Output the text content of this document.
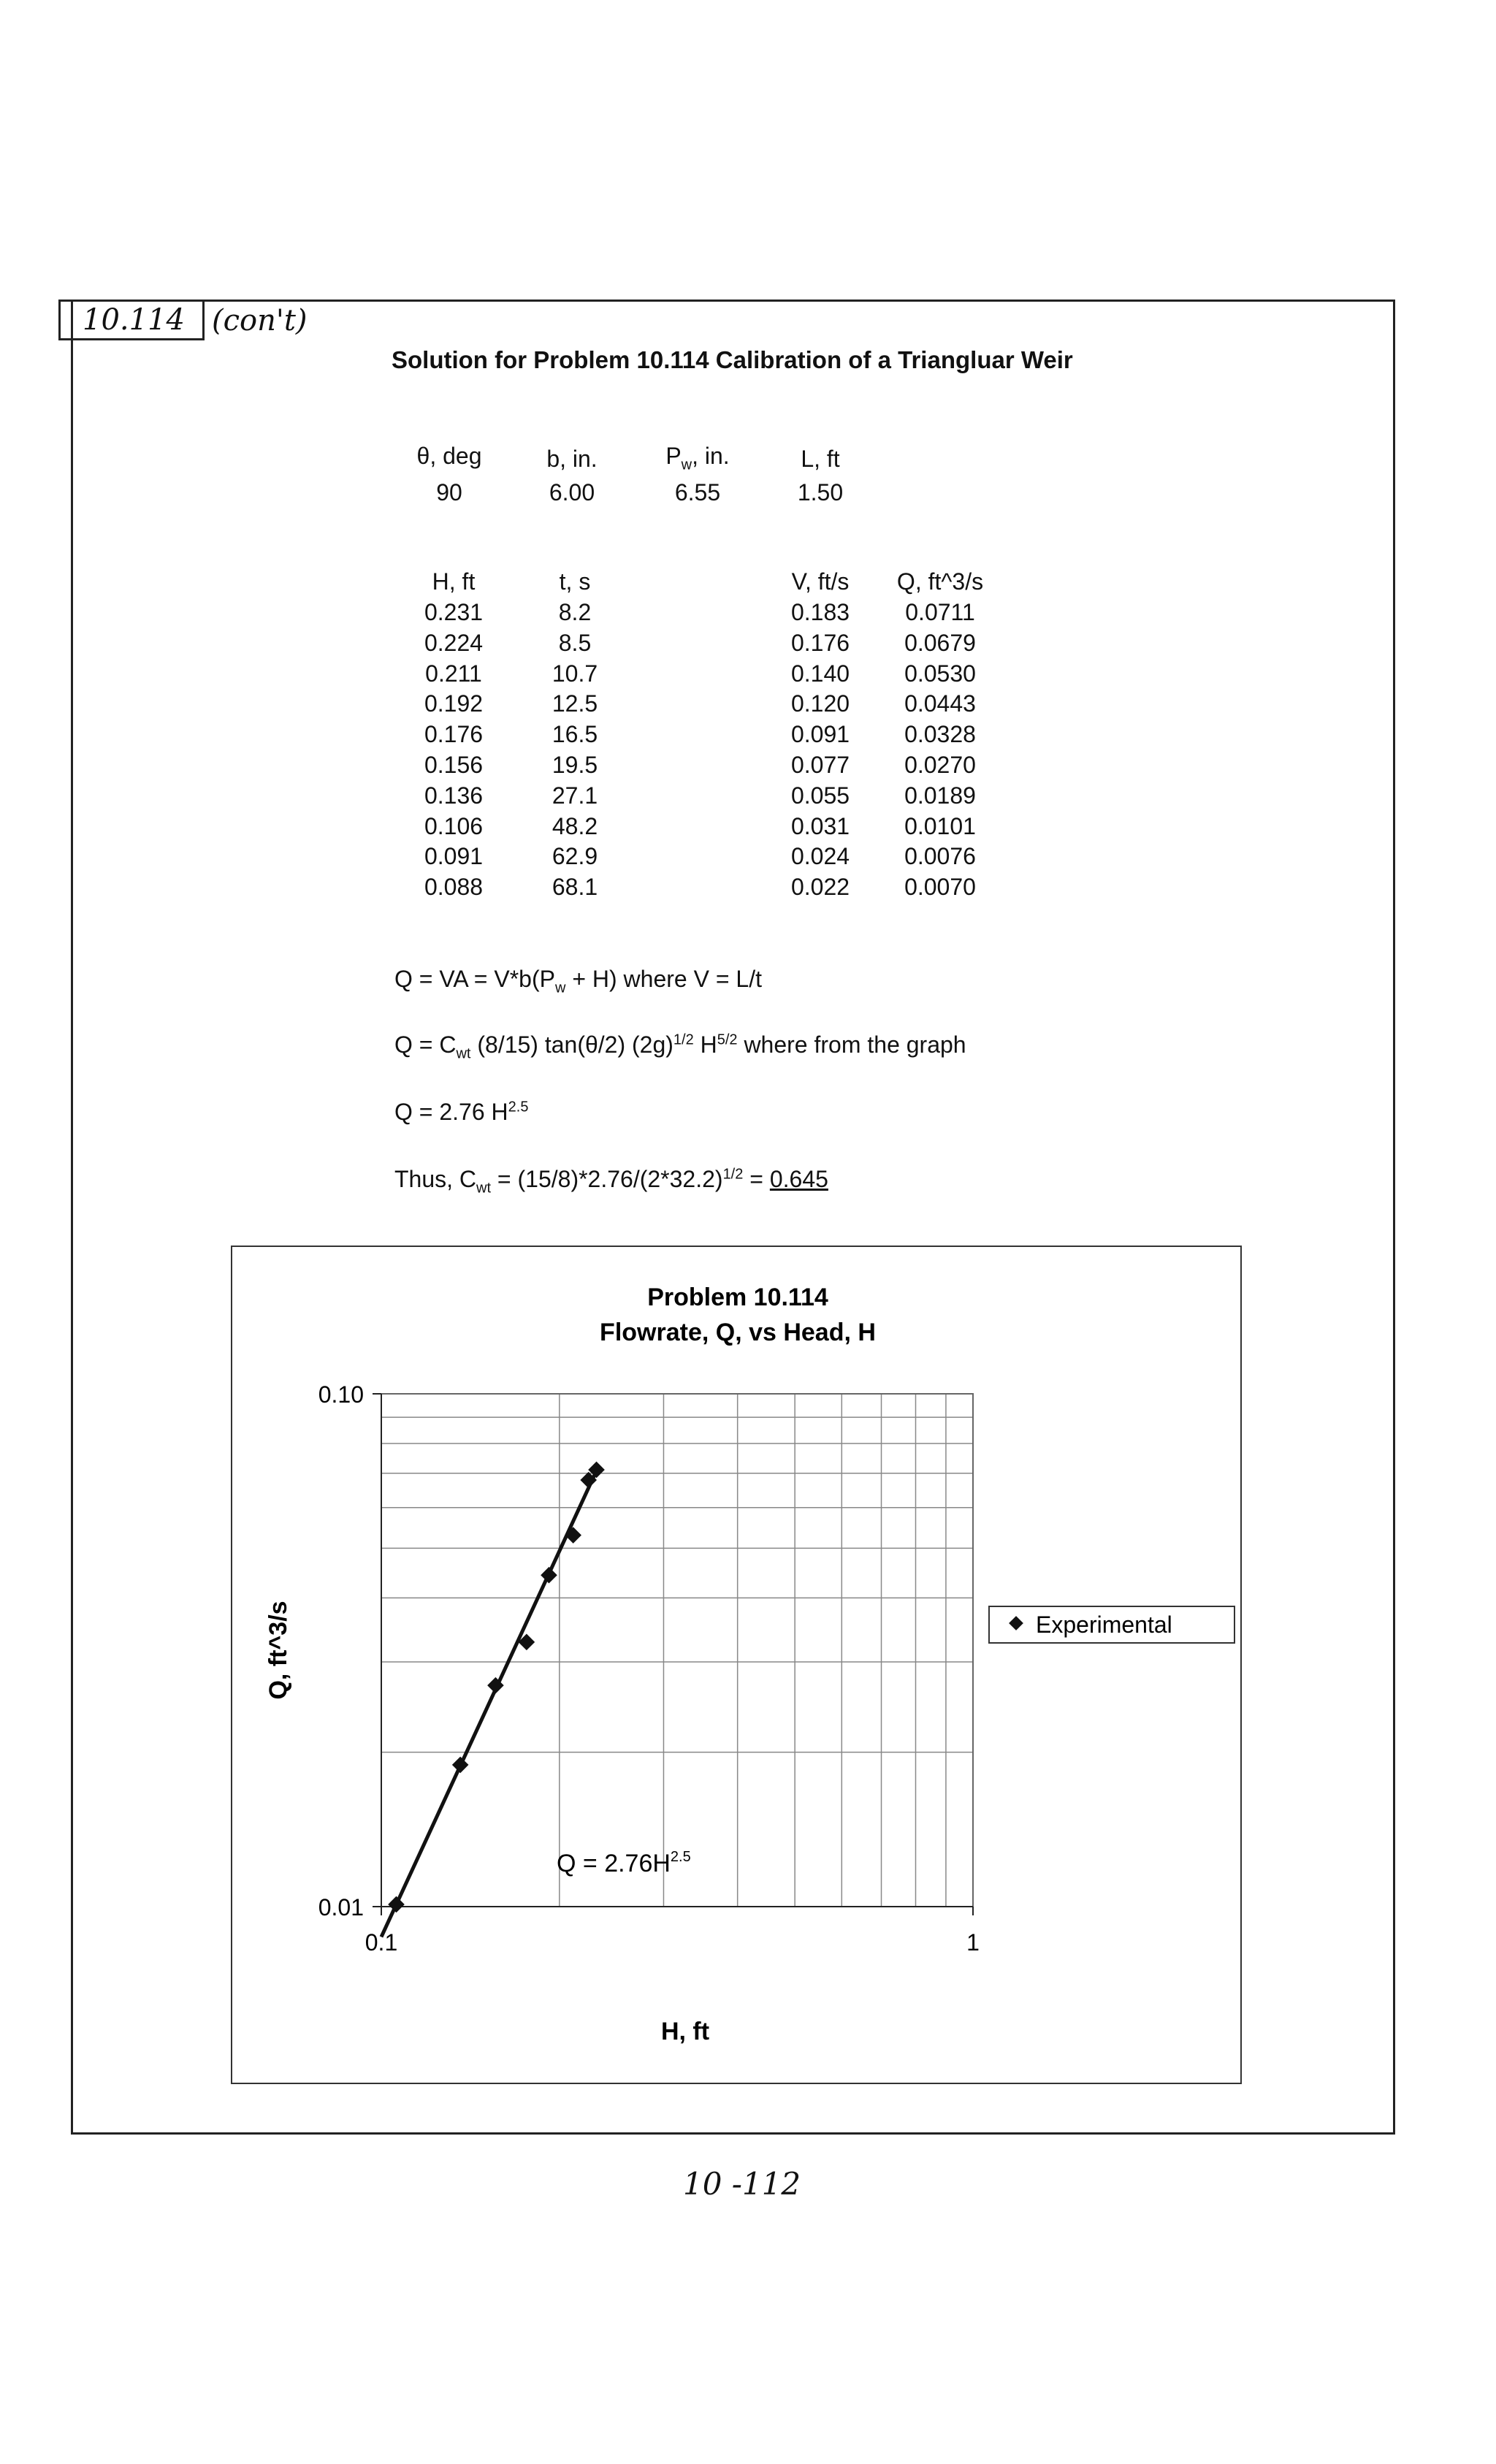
10.114 (con't)
Solution for Problem 10.114 Calibration of a Triangluar Weir
θ, deg	b, in.	$P_w$, in.	L, ft
90	6.00	6.55	1.50
H, ft	t, s	V, ft/s	Q, ft^3/s
0.231	8.2	0.183	0.0711
0.224	8.5	0.176	0.0679
0.211	10.7	0.140	0.0530
0.192	12.5	0.120	0.0443
0.176	16.5	0.091	0.0328
0.156	19.5	0.077	0.0270
0.136	27.1	0.055	0.0189
0.106	48.2	0.031	0.0101
0.091	62.9	0.024	0.0076
0.088	68.1	0.022	0.0070
Q = VA = $V*b(P_w + H)$ where V = L/t
$Q = C_{wt}$ (8/15) tan(θ/2) $(2g)^{1/2}$ $H^{5/2}$ where from the graph
Q = 2.76 $H^{2.5}$
Thus, $C_{wt} = (15/8)*2.76/(2*32.2)^{1/2} = 0.645$
Problem 10.114
Flowrate, Q, vs Head, H
0.10
0.01
0.1	1
H, ft
Q, ft^3/s
$Q = 2.76H^{2.5}$
Experimental
10 -112
